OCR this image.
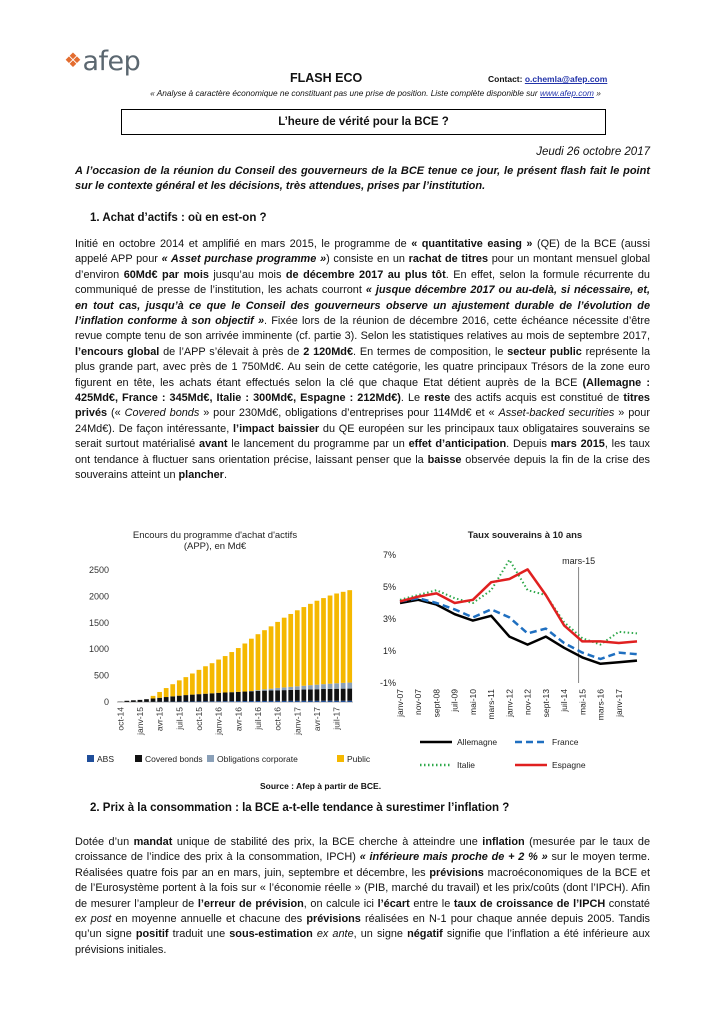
❖afep
FLASH ECO	Contact: o.chemla@afep.com
« Analyse à caractère économique ne constituant pas une prise de position. Liste complète disponible sur www.afep.com »
L’heure de vérité pour la BCE ?
Jeudi 26 octobre 2017
A l’occasion de la réunion du Conseil des gouverneurs de la BCE tenue ce jour, le présent flash fait le point sur le contexte général et les décisions, très attendues, prises par l’institution.
1. Achat d’actifs : où en est-on ?
Initié en octobre 2014 et amplifié en mars 2015, le programme de « quantitative easing » (QE) de la BCE (aussi appelé APP pour « Asset purchase programme ») consiste en un rachat de titres pour un montant mensuel global d’environ 60Md€ par mois jusqu’au mois de décembre 2017 au plus tôt. En effet, selon la formule récurrente du communiqué de presse de l’institution, les achats courront « jusque décembre 2017 ou au-delà, si nécessaire, et, en tout cas, jusqu’à ce que le Conseil des gouverneurs observe un ajustement durable de l’évolution de l’inflation conforme à son objectif ». Fixée lors de la réunion de décembre 2016, cette échéance nécessite d’être revue compte tenu de son arrivée imminente (cf. partie 3). Selon les statistiques relatives au mois de septembre 2017, l’encours global de l’APP s’élevait à près de 2 120Md€. En termes de composition, le secteur public représente la plus grande part, avec près de 1 750Md€. Au sein de cette catégorie, les quatre principaux Trésors de la zone euro figurent en tête, les achats étant effectués selon la clé que chaque Etat détient auprès de la BCE (Allemagne : 425Md€, France : 345Md€, Italie : 300Md€, Espagne : 212Md€). Le reste des actifs acquis est constitué de titres privés (« Covered bonds » pour 230Md€, obligations d’entreprises pour 114Md€ et « Asset-backed securities » pour 24Md€). De façon intéressante, l’impact baissier du QE européen sur les principaux taux obligataires souverains se serait surtout matérialisé avant le lancement du programme par un effet d’anticipation. Depuis mars 2015, les taux ont tendance à fluctuer sans orientation précise, laissant penser que la baisse observée depuis la fin de la crise des souverains atteint un plancher.
Encours du programme d'achat d'actifs
(APP), en Md€
0
500
1000
1500
2000
2500
oct-14 janv-15 avr-15 juil-15 oct-15 janv-16 avr-16 juil-16 oct-16 janv-17 avr-17 juil-17
ABS	Covered bonds Obligations corporate	Public
Taux souverains à 10 ans
7%
5%
3%
1%
-1%
mars-15
janv-07 nov-07 sept-08 juil-09 mai-10 mars-11 janv-12 nov-12 sept-13 juil-14 mai-15 mars-16 janv-17
Allemagne	France
Italie	Espagne
Source : Afep à partir de BCE.
2. Prix à la consommation : la BCE a-t-elle tendance à surestimer l’inflation ?
Dotée d’un mandat unique de stabilité des prix, la BCE cherche à atteindre une inflation (mesurée par le taux de croissance de l’indice des prix à la consommation, IPCH) « inférieure mais proche de + 2 % » sur le moyen terme. Réalisées quatre fois par an en mars, juin, septembre et décembre, les prévisions macroéconomiques de la BCE et de l’Eurosystème portent à la fois sur « l’économie réelle » (PIB, marché du travail) et les prix/coûts (dont l’IPCH). Afin de mesurer l’ampleur de l’erreur de prévision, on calcule ici l’écart entre le taux de croissance de l’IPCH constaté ex post en moyenne annuelle et chacune des prévisions réalisées en N-1 pour chaque année depuis 2005. Tandis qu’un signe positif traduit une sous-estimation ex ante, un signe négatif signifie que l’inflation a été inférieure aux prévisions initiales.
